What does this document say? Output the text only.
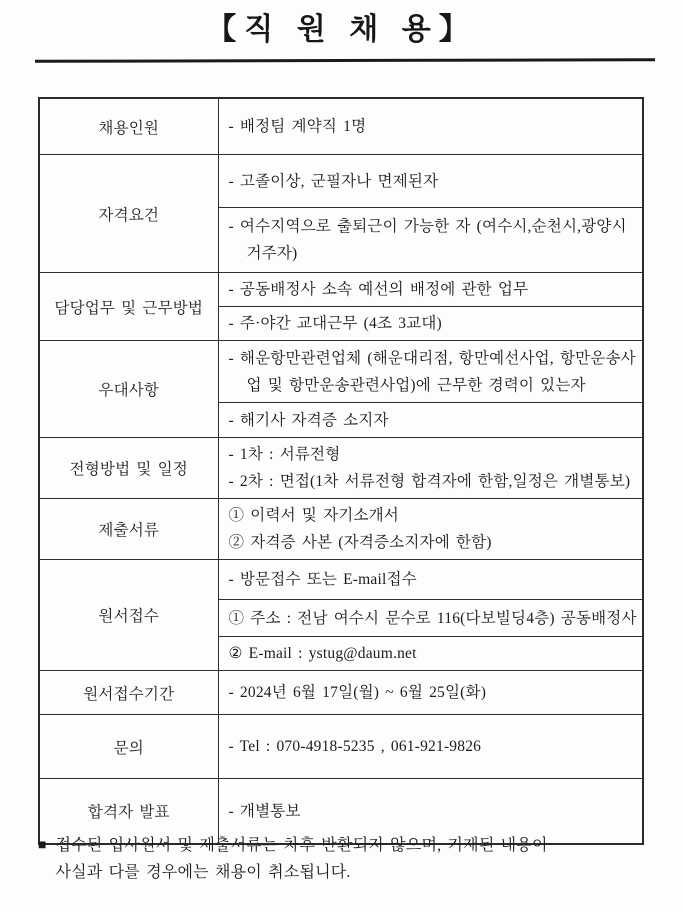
【직 원 채 용】
채용인원	- 배정팀 계약직 1명

자격요건	- 고졸이상, 군필자나 면제된자

	- 여수지역으로 출퇴근이 가능한 자 (여수시,순천시,광양시
거주자)

담당업무 및 근무방법	- 공동배정사 소속 예선의 배정에 관한 업무

	- 주·야간 교대근무 (4조 3교대)

우대사항	- 해운항만관련업체 (해운대리점, 항만예선사업, 항만운송사
업 및 항만운송관련사업)에 근무한 경력이 있는자

	- 해기사 자격증 소지자

전형방법 및 일정	- 1차 : 서류전형
- 2차 : 면접(1차 서류전형 합격자에 한함,일정은 개별통보)

제출서류	① 이력서 및 자기소개서
② 자격증 사본 (자격증소지자에 한함)

원서접수	- 방문접수 또는 E-mail접수

	① 주소 : 전남 여수시 문수로 116(다보빌딩4층) 공동배정사

	② E-mail : ystug@daum.net

원서접수기간	- 2024년 6월 17일(월) ~ 6월 25일(화)

문의	- Tel : 070-4918-5235 , 061-921-9826

합격자 발표	- 개별통보
■ 접수된 입사원서 및 제출서류는 차후 반환되지 않으며, 기재된 내용이
사실과 다를 경우에는 채용이 취소됩니다.
